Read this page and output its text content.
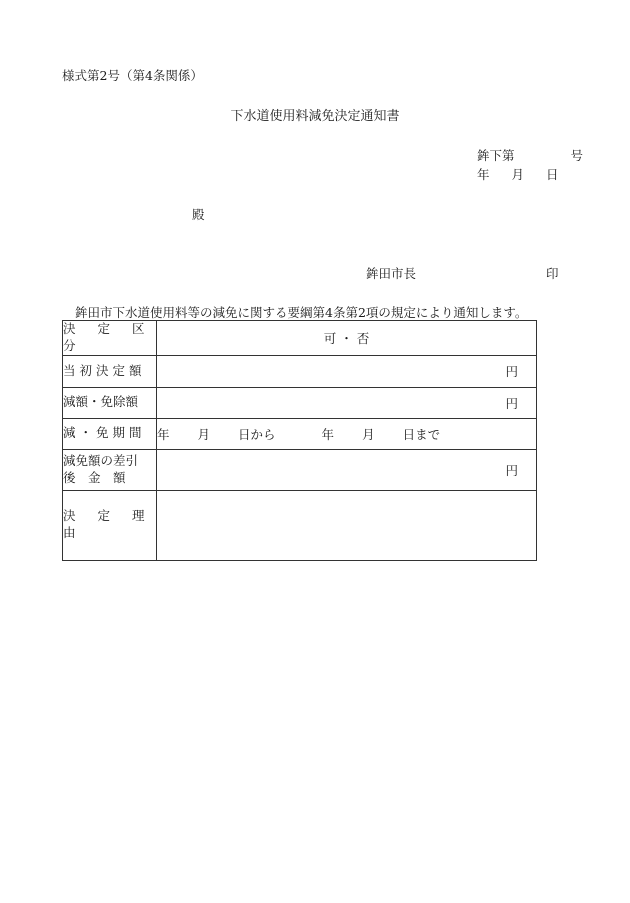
様式第2号（第4条関係）
下水道使用料減免決定通知書
鉾下第	号
年 月 日
殿
鉾田市長	印
鉾田市下水道使用料等の減免に関する要綱第4条第2項の規定により通知します。
決 定 区 分	可 ・ 否
当初決定額	円

減額・免除額	円

減・免期間	年 月 日から 年 月 日まで

減免額の差引
後　金　額	円

決 定 理 由	
